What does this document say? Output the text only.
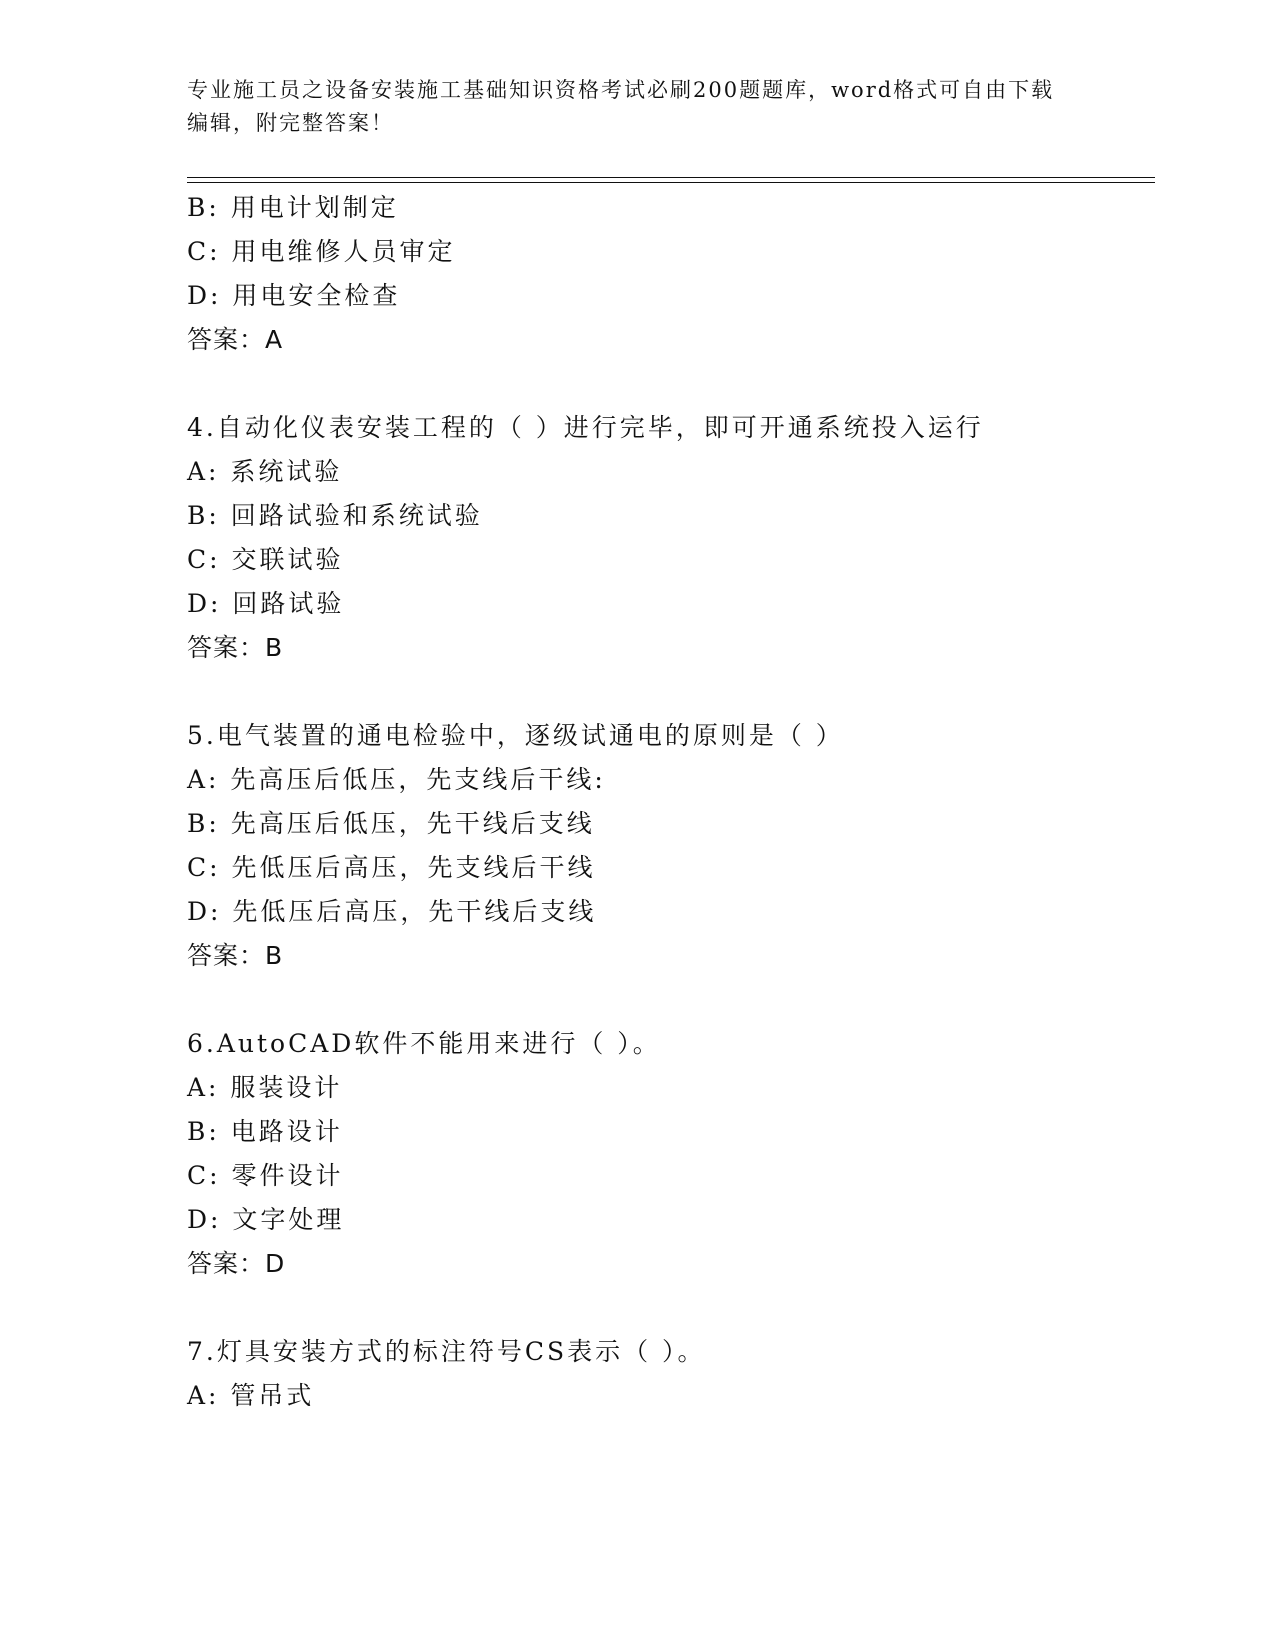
专业施工员之设备安装施工基础知识资格考试必刷200题题库，word格式可自由下载编辑，附完整答案！
B: 用电计划制定
C: 用电维修人员审定
D: 用电安全检查
答案：A
4.自动化仪表安装工程的（ ）进行完毕，即可开通系统投入运行
A: 系统试验
B: 回路试验和系统试验
C: 交联试验
D: 回路试验
答案：B
5.电气装置的通电检验中，逐级试通电的原则是（ ）
A: 先高压后低压，先支线后干线:
B: 先高压后低压，先干线后支线
C: 先低压后高压，先支线后干线
D: 先低压后高压，先干线后支线
答案：B
6.AutoCAD软件不能用来进行（ ）。
A: 服装设计
B: 电路设计
C: 零件设计
D: 文字处理
答案：D
7.灯具安装方式的标注符号CS表示（ ）。
A: 管吊式
